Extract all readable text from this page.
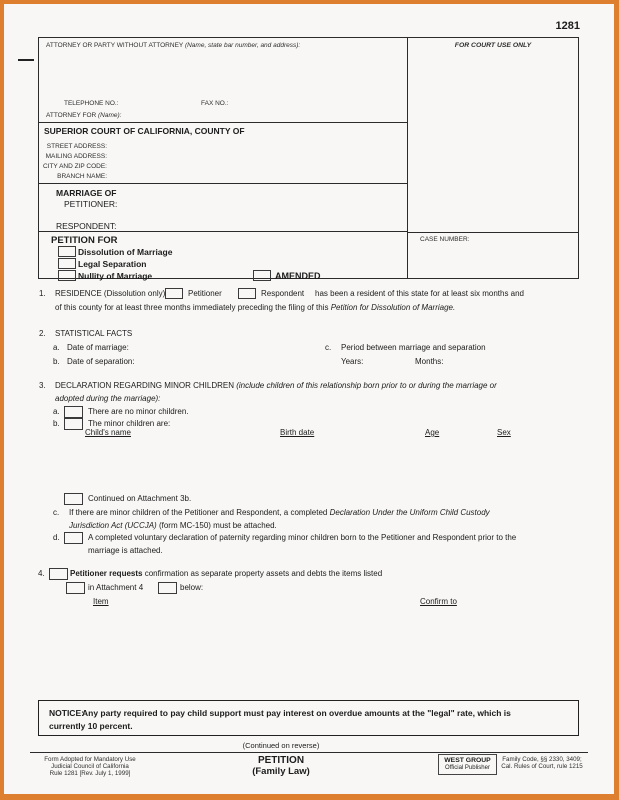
1281
ATTORNEY OR PARTY WITHOUT ATTORNEY (Name, state bar number, and address):
TELEPHONE NO.:	FAX NO.:
ATTORNEY FOR (Name):
SUPERIOR COURT OF CALIFORNIA, COUNTY OF
STREET ADDRESS:
MAILING ADDRESS:
CITY AND ZIP CODE:
BRANCH NAME:
MARRIAGE OF
PETITIONER:
RESPONDENT:
PETITION FOR
Dissolution of Marriage
Legal Separation
Nullity of Marriage	AMENDED
FOR COURT USE ONLY
CASE NUMBER:
1. RESIDENCE (Dissolution only)	Petitioner	Respondent has been a resident of this state for at least six months and
of this county for at least three months immediately preceding the filing of this Petition for Dissolution of Marriage.
2. STATISTICAL FACTS
a. Date of marriage:
b. Date of separation:
c. Period between marriage and separation
Years:	Months:
3. DECLARATION REGARDING MINOR CHILDREN (include children of this relationship born prior to or during the marriage or
adopted during the marriage):
a.	There are no minor children.
b.	The minor children are:
Child's name	Birth date	Age	Sex
Continued on Attachment 3b.
c. If there are minor children of the Petitioner and Respondent, a completed Declaration Under the Uniform Child Custody
Jurisdiction Act (UCCJA) (form MC-150) must be attached.
d.	A completed voluntary declaration of paternity regarding minor children born to the Petitioner and Respondent prior to the
marriage is attached.
4.	Petitioner requests confirmation as separate property assets and debts the items listed
in Attachment 4	below:
Item	Confirm to
NOTICE:
Any party required to pay child support must pay interest on overdue amounts at the "legal" rate, which is
currently 10 percent.
(Continued on reverse)
Form Adopted for Mandatory Use
Judicial Council of California
Rule 1281 [Rev. July 1, 1999]
PETITION
(Family Law)
WEST GROUP
Official Publisher
Family Code, §§ 2330, 3409;
Cal. Rules of Court, rule 1215
